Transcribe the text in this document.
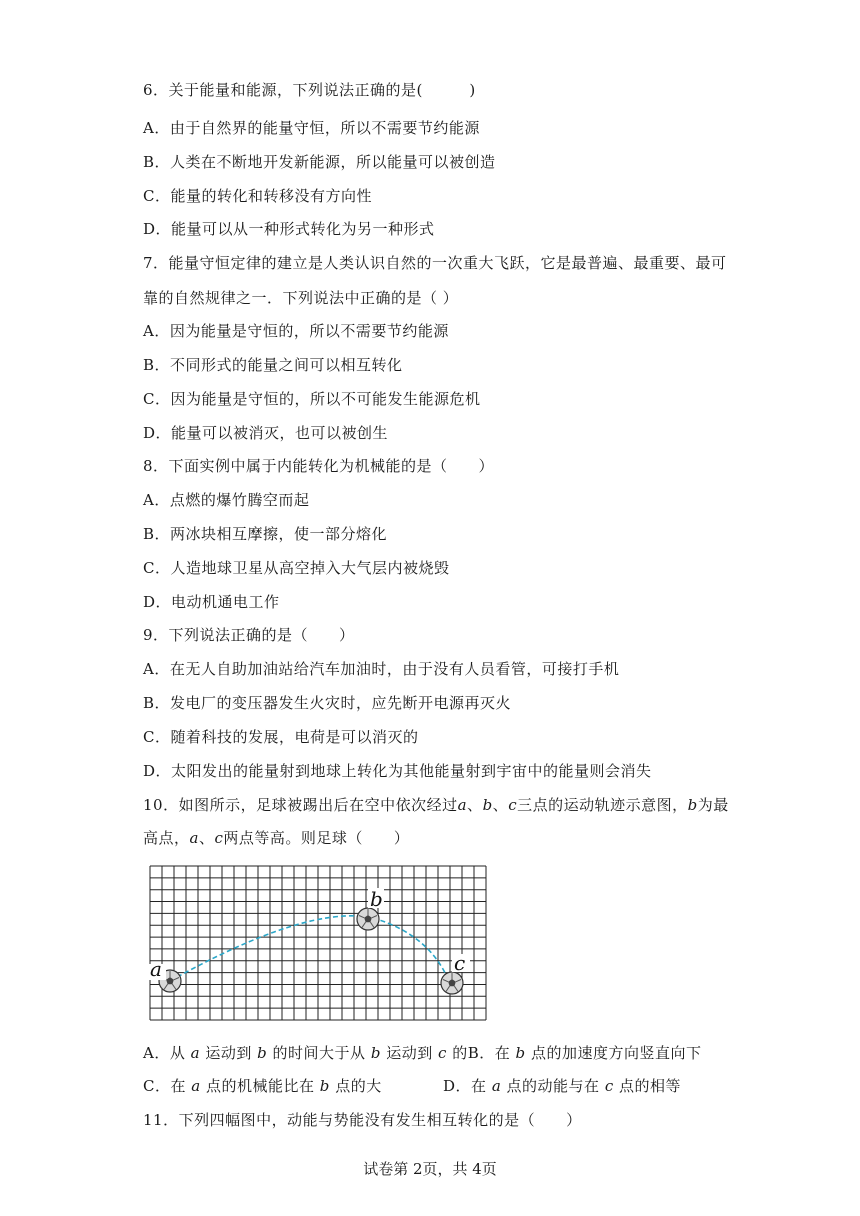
6．关于能量和能源，下列说法正确的是(　　　)
A．由于自然界的能量守恒，所以不需要节约能源
B．人类在不断地开发新能源，所以能量可以被创造
C．能量的转化和转移没有方向性
D．能量可以从一种形式转化为另一种形式
7．能量守恒定律的建立是人类认识自然的一次重大飞跃，它是最普遍、最重要、最可
靠的自然规律之一．下列说法中正确的是（ ）
A．因为能量是守恒的，所以不需要节约能源
B．不同形式的能量之间可以相互转化
C．因为能量是守恒的，所以不可能发生能源危机
D．能量可以被消灭，也可以被创生
8．下面实例中属于内能转化为机械能的是（　　）
A．点燃的爆竹腾空而起
B．两冰块相互摩擦，使一部分熔化
C．人造地球卫星从高空掉入大气层内被烧毁
D．电动机通电工作
9．下列说法正确的是（　　）
A．在无人自助加油站给汽车加油时，由于没有人员看管，可接打手机
B．发电厂的变压器发生火灾时，应先断开电源再灭火
C．随着科技的发展，电荷是可以消灭的
D．太阳发出的能量射到地球上转化为其他能量射到宇宙中的能量则会消失
10．如图所示，足球被踢出后在空中依次经过a、b、c三点的运动轨迹示意图，b为最
高点，a、c两点等高。则足球（　　）
a
b
c
A．从 a 运动到 b 的时间大于从 b 运动到 c 的B．在 b 点的加速度方向竖直向下
C．在 a 点的机械能比在 b 点的大	D．在 a 点的动能与在 c 点的相等
11．下列四幅图中，动能与势能没有发生相互转化的是（　　）
试卷第 2页，共 4页
